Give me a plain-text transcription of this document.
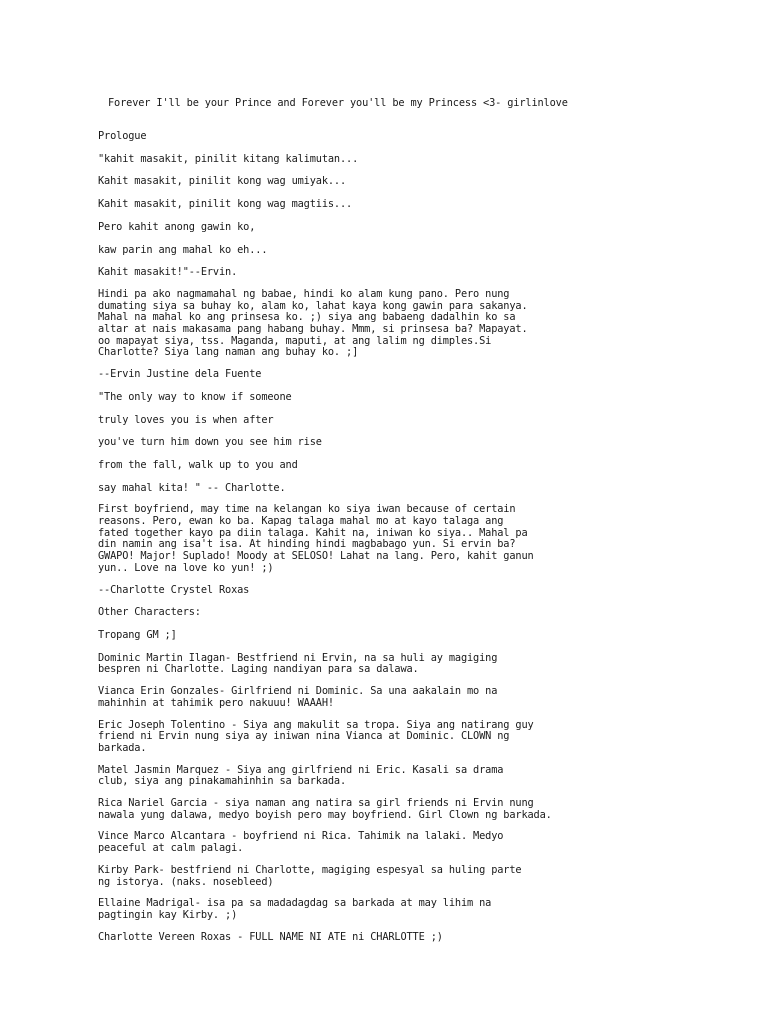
Forever I'll be your Prince and Forever you'll be my Princess <3- girlinlove
Prologue
"kahit masakit, pinilit kitang kalimutan...
Kahit masakit, pinilit kong wag umiyak...
Kahit masakit, pinilit kong wag magtiis...
Pero kahit anong gawin ko,
kaw parin ang mahal ko eh...
Kahit masakit!"--Ervin.
Hindi pa ako nagmamahal ng babae, hindi ko alam kung pano. Pero nung
dumating siya sa buhay ko, alam ko, lahat kaya kong gawin para sakanya.
Mahal na mahal ko ang prinsesa ko. ;) siya ang babaeng dadalhin ko sa
altar at nais makasama pang habang buhay. Mmm, si prinsesa ba? Mapayat.
oo mapayat siya, tss. Maganda, maputi, at ang lalim ng dimples.Si
Charlotte? Siya lang naman ang buhay ko. ;]
--Ervin Justine dela Fuente
"The only way to know if someone
truly loves you is when after
you've turn him down you see him rise
from the fall, walk up to you and
say mahal kita! " -- Charlotte.
First boyfriend, may time na kelangan ko siya iwan because of certain
reasons. Pero, ewan ko ba. Kapag talaga mahal mo at kayo talaga ang
fated together kayo pa diin talaga. Kahit na, iniwan ko siya.. Mahal pa
din namin ang isa't isa. At hinding hindi magbabago yun. Si ervin ba?
GWAPO! Major! Suplado! Moody at SELOSO! Lahat na lang. Pero, kahit ganun
yun.. Love na love ko yun! ;)
--Charlotte Crystel Roxas
Other Characters:
Tropang GM ;]
Dominic Martin Ilagan- Bestfriend ni Ervin, na sa huli ay magiging
bespren ni Charlotte. Laging nandiyan para sa dalawa.
Vianca Erin Gonzales- Girlfriend ni Dominic. Sa una aakalain mo na
mahinhin at tahimik pero nakuuu! WAAAH!
Eric Joseph Tolentino - Siya ang makulit sa tropa. Siya ang natirang guy
friend ni Ervin nung siya ay iniwan nina Vianca at Dominic. CLOWN ng
barkada.
Matel Jasmin Marquez - Siya ang girlfriend ni Eric. Kasali sa drama
club, siya ang pinakamahinhin sa barkada.
Rica Nariel Garcia - siya naman ang natira sa girl friends ni Ervin nung
nawala yung dalawa, medyo boyish pero may boyfriend. Girl Clown ng barkada.
Vince Marco Alcantara - boyfriend ni Rica. Tahimik na lalaki. Medyo
peaceful at calm palagi.
Kirby Park- bestfriend ni Charlotte, magiging espesyal sa huling parte
ng istorya. (naks. nosebleed)
Ellaine Madrigal- isa pa sa madadagdag sa barkada at may lihim na
pagtingin kay Kirby. ;)
Charlotte Vereen Roxas - FULL NAME NI ATE ni CHARLOTTE ;)
